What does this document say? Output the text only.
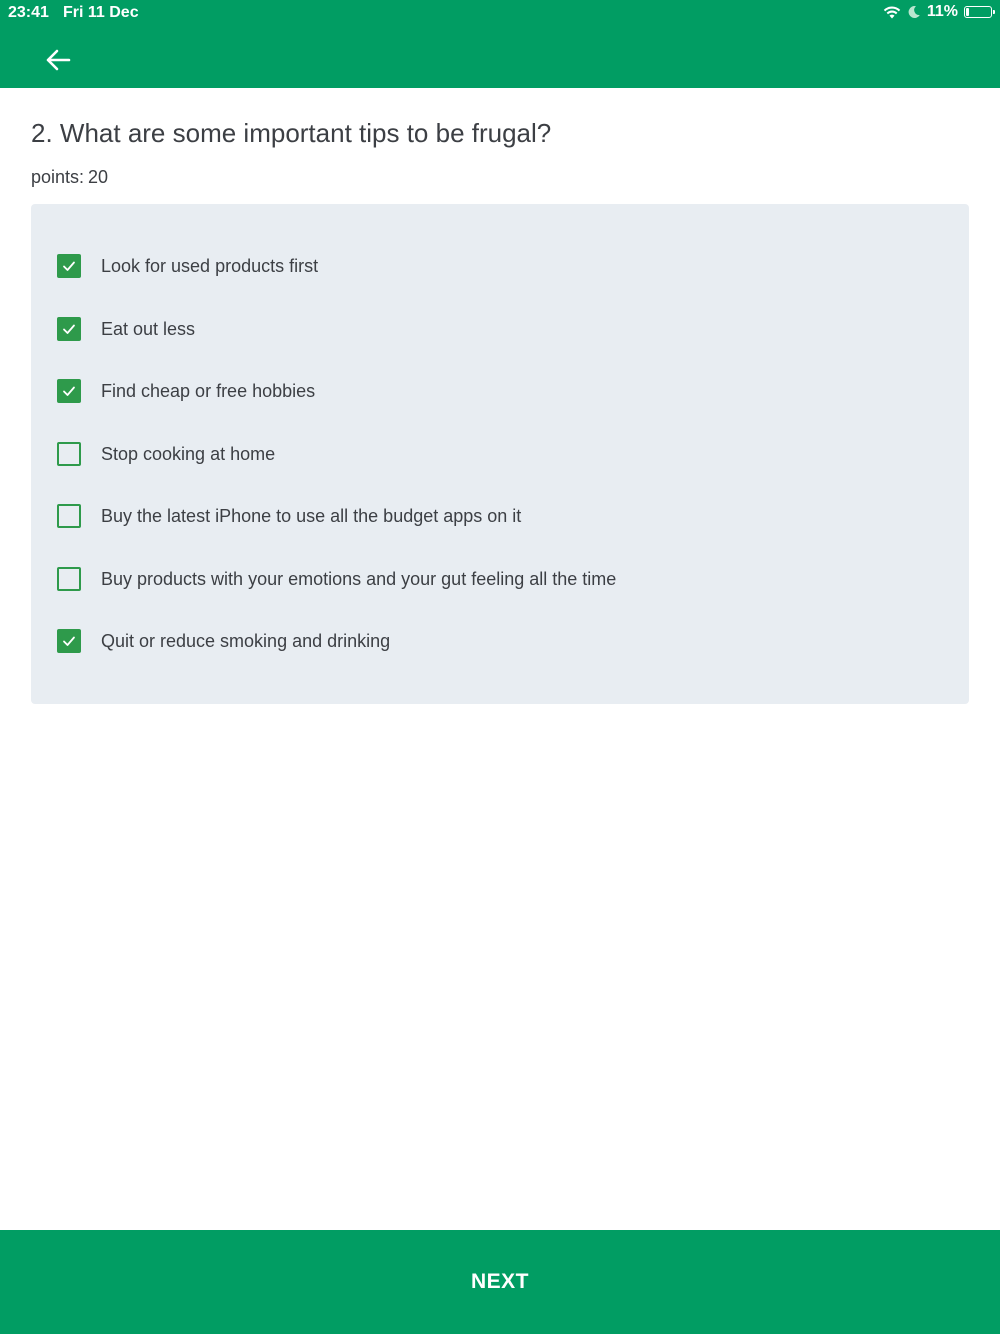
23:41 Fri 11 Dec	11%
2. What are some important tips to be frugal?
points: 20
Look for used products first
Eat out less
Find cheap or free hobbies
Stop cooking at home
Buy the latest iPhone to use all the budget apps on it
Buy products with your emotions and your gut feeling all the time
Quit or reduce smoking and drinking
NEXT
